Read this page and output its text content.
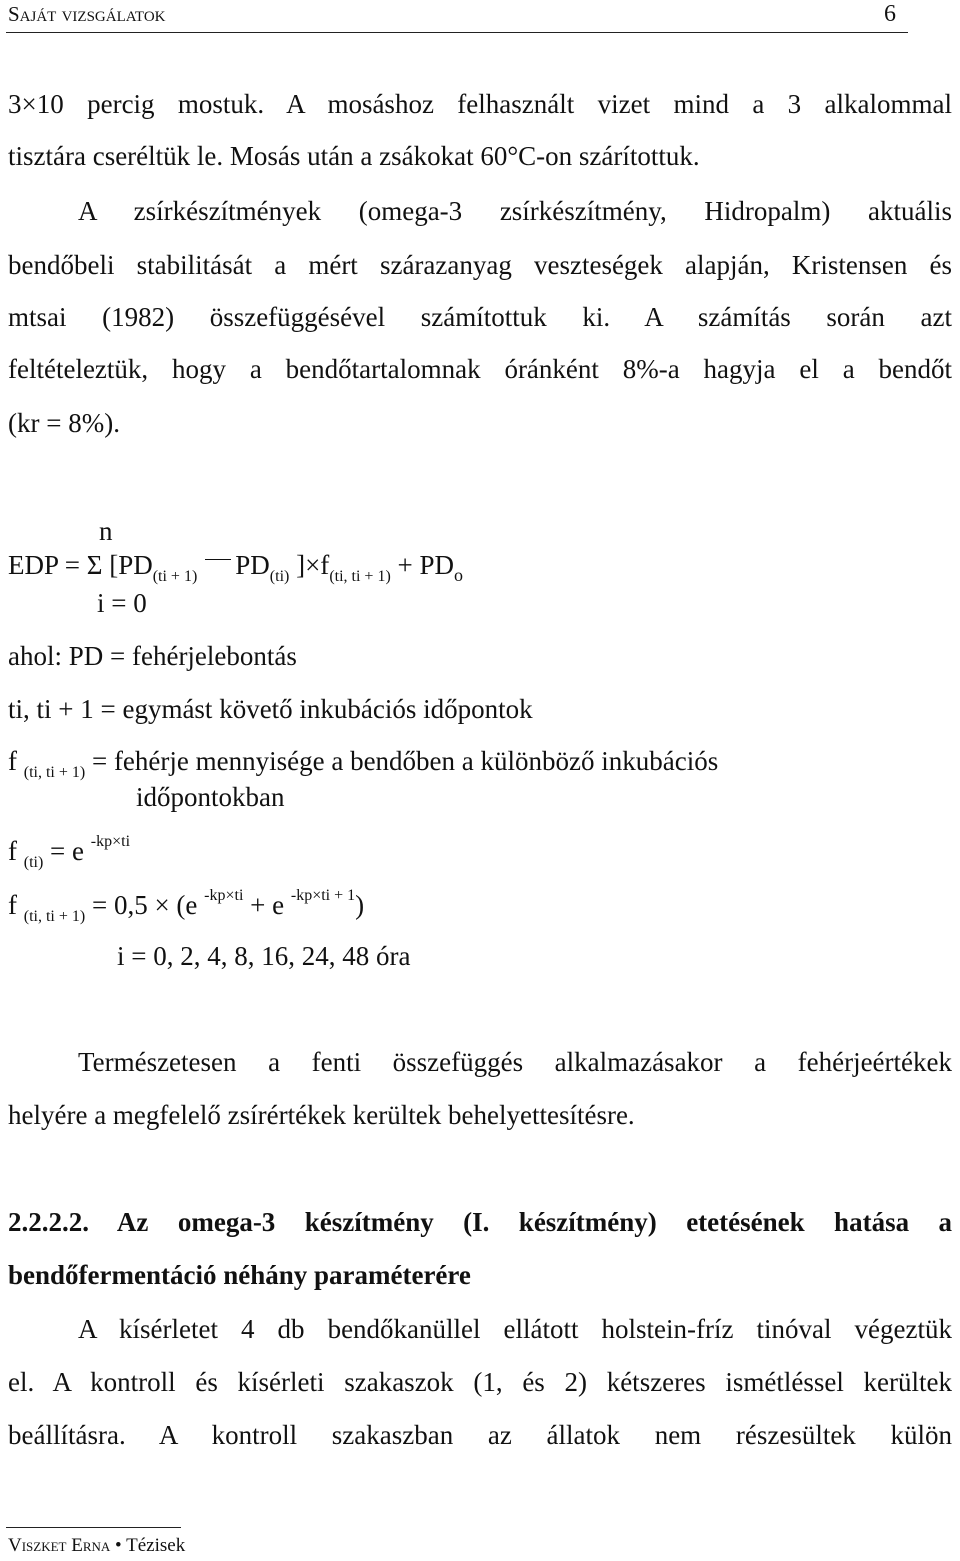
Saját vizsgálatok	6
3×10 percig mostuk. A mosáshoz felhasznált vizet mind a 3 alkalommal
tisztára cseréltük le. Mosás után a zsákokat 60°C-on szárítottuk.
A zsírkészítmények (omega-3 zsírkészítmény, Hidropalm) aktuális
bendőbeli stabilitását a mért szárazanyag veszteségek alapján, Kristensen és
mtsai (1982) összefüggésével számítottuk ki. A számítás során azt
feltételeztük, hogy a bendőtartalomnak óránként 8%-a hagyja el a bendőt
(kr = 8%).
n
EDP = Σ [$PD_{(ti + 1)}$ $PD_{(ti)}$ ]$\times f_{(ti, ti + 1)} + PD_o$
i = 0
ahol: PD = fehérjelebontás
ti, ti + 1 = egymást követő inkubációs időpontok
f $_{(ti, ti + 1)}$ = fehérje mennyisége a bendőben a különböző inkubációs
időpontokban
f $_{(ti)}$ = e $^{-kp\times ti}$
f $_{(ti, ti + 1)}$ = 0,5 × (e $^{-kp\times ti}$ + e $^{-kp\times ti + 1}$)
i = 0, 2, 4, 8, 16, 24, 48 óra
Természetesen a fenti összefüggés alkalmazásakor a fehérjeértékek
helyére a megfelelő zsírértékek kerültek behelyettesítésre.
2.2.2.2. Az omega-3 készítmény (I. készítmény) etetésének hatása a
bendőfermentáció néhány paraméterére
A kísérletet 4 db bendőkanüllel ellátott holstein-fríz tinóval végeztük
el. A kontroll és kísérleti szakaszok (1, és 2) kétszeres ismétléssel kerültek
beállításra. A kontroll szakaszban az állatok nem részesültek külön
Viszket Erna • Tézisek
